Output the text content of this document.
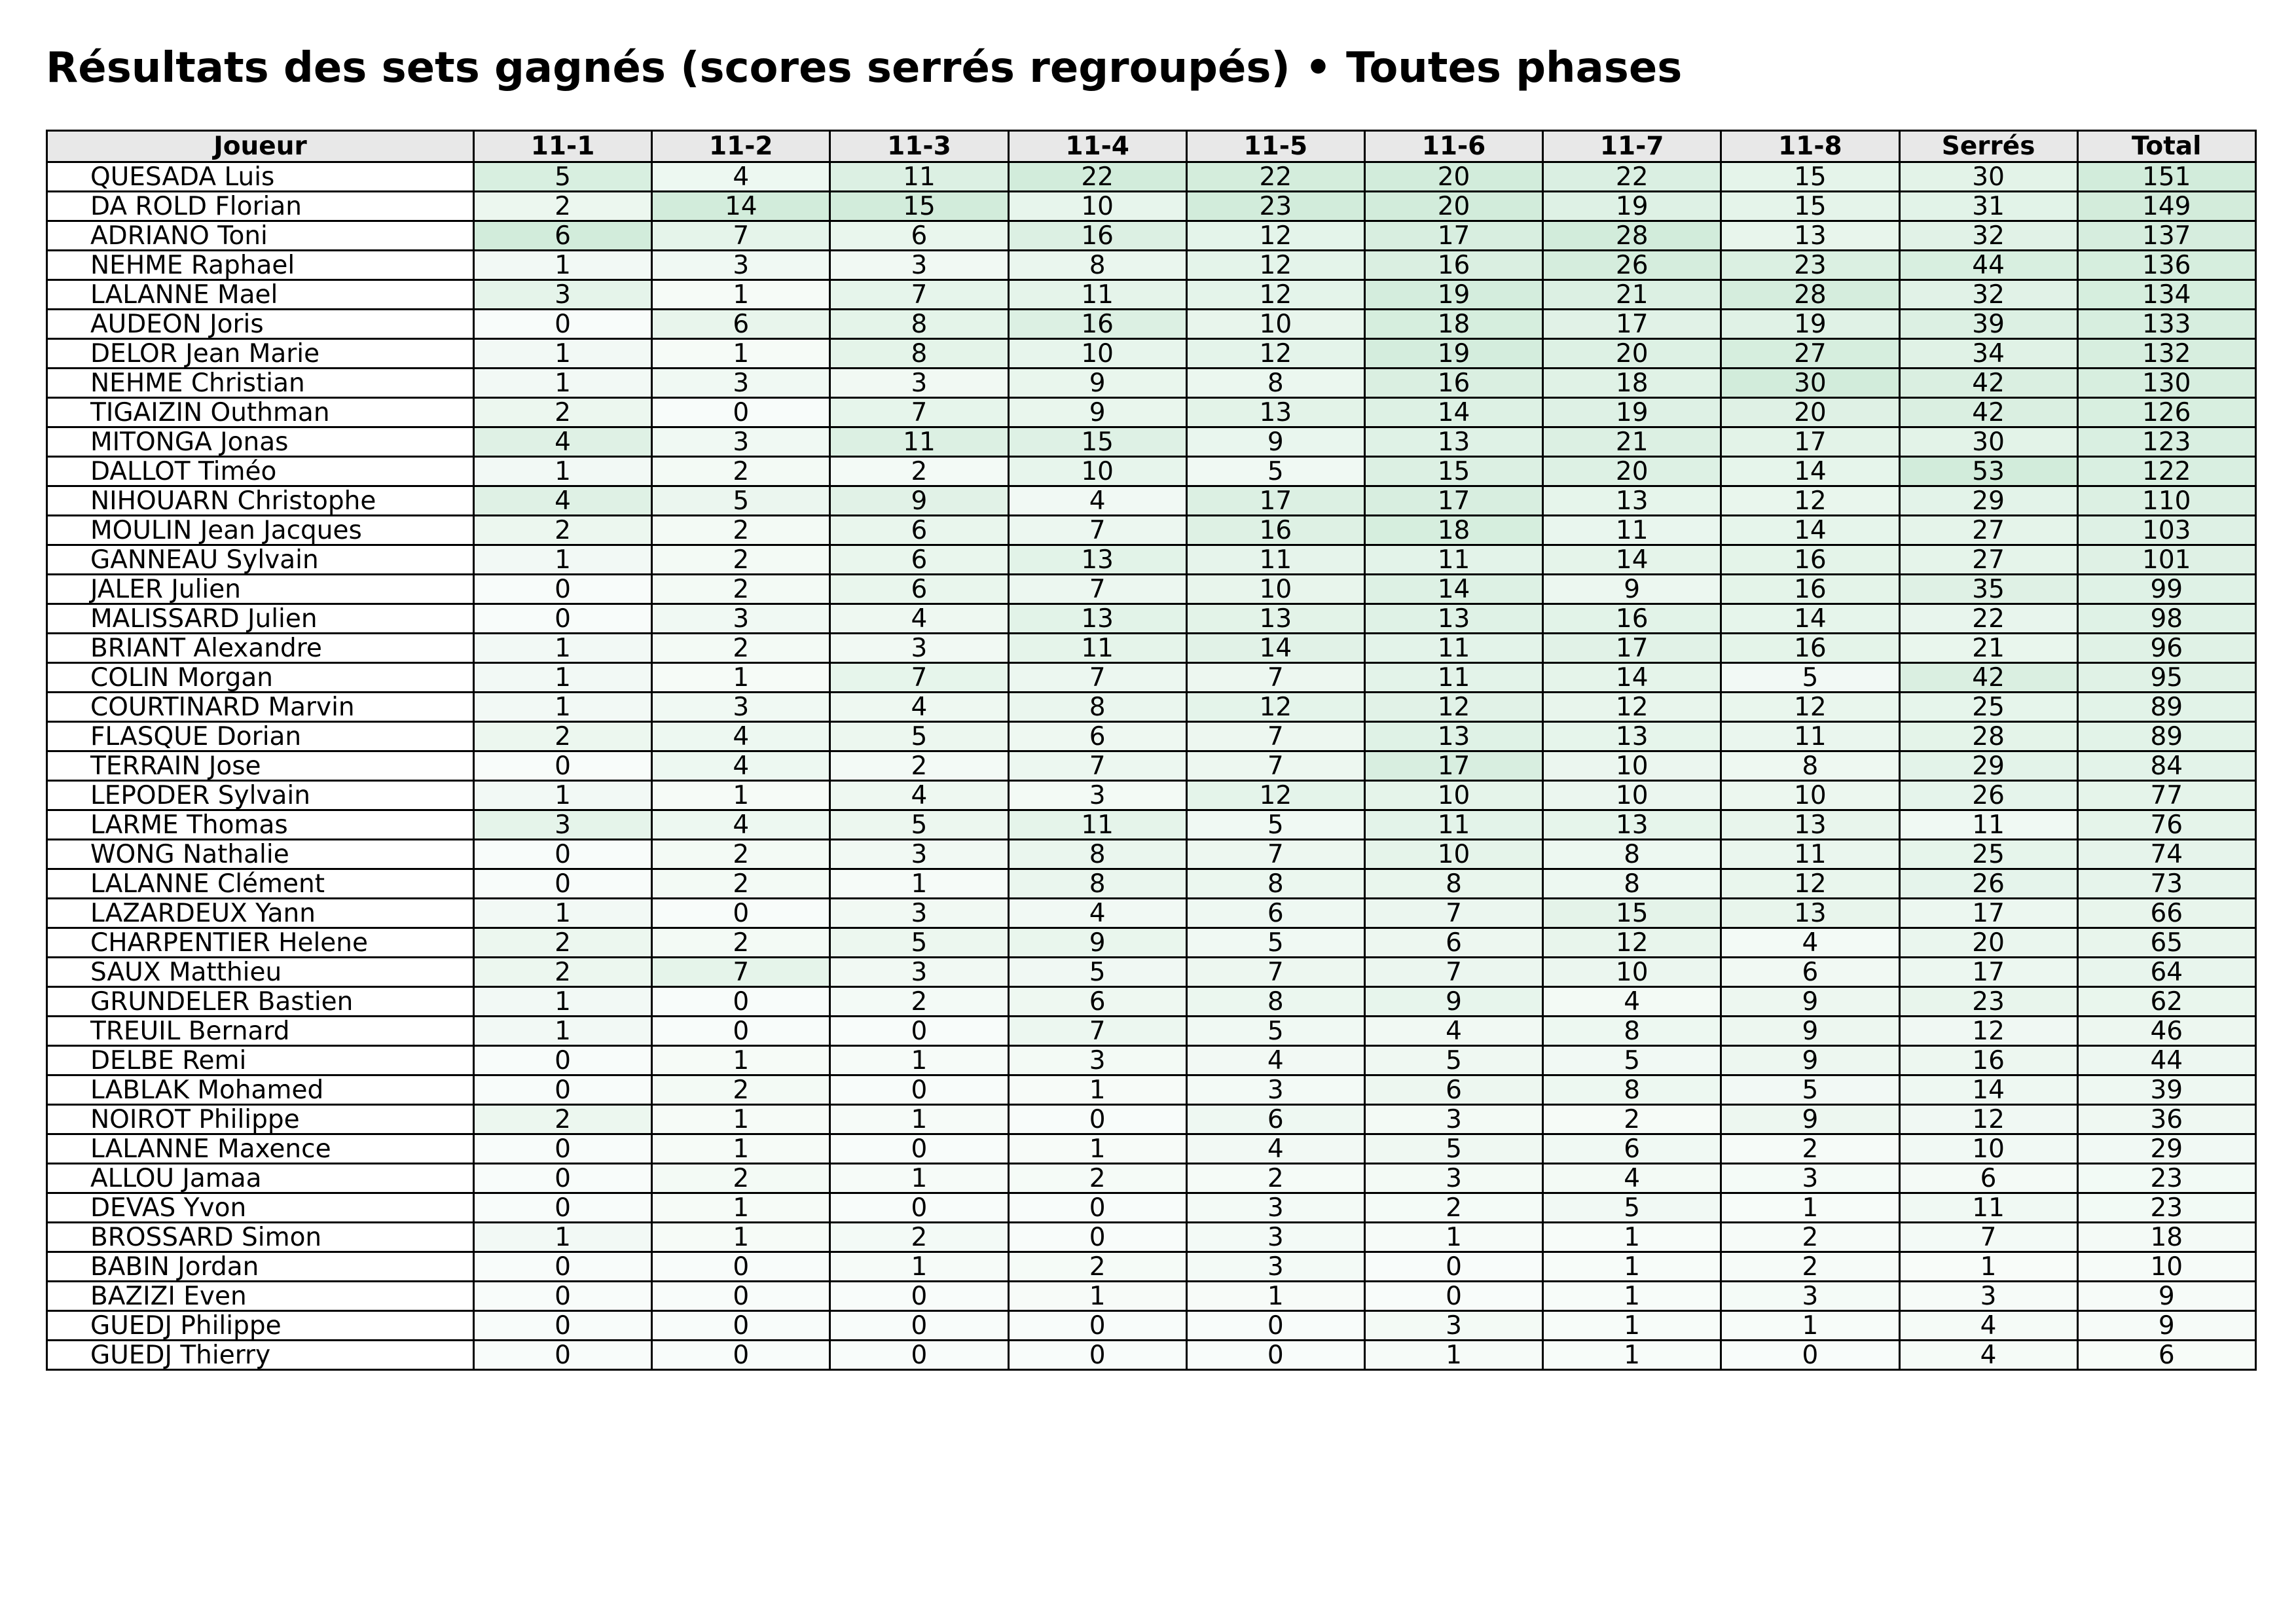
Résultats des sets gagnés (scores serrés regroupés) • Toutes phases
Joueur	11-1	11-2	11-3	11-4	11-5	11-6	11-7	11-8	Serrés	Total
QUESADA Luis	5	4	11	22	22	20	22	15	30	151
DA ROLD Florian	2	14	15	10	23	20	19	15	31	149
ADRIANO Toni	6	7	6	16	12	17	28	13	32	137
NEHME Raphael	1	3	3	8	12	16	26	23	44	136
LALANNE Mael	3	1	7	11	12	19	21	28	32	134
AUDEON Joris	0	6	8	16	10	18	17	19	39	133
DELOR Jean Marie	1	1	8	10	12	19	20	27	34	132
NEHME Christian	1	3	3	9	8	16	18	30	42	130
TIGAIZIN Outhman	2	0	7	9	13	14	19	20	42	126
MITONGA Jonas	4	3	11	15	9	13	21	17	30	123
DALLOT Timéo	1	2	2	10	5	15	20	14	53	122
NIHOUARN Christophe	4	5	9	4	17	17	13	12	29	110
MOULIN Jean Jacques	2	2	6	7	16	18	11	14	27	103
GANNEAU Sylvain	1	2	6	13	11	11	14	16	27	101
JALER Julien	0	2	6	7	10	14	9	16	35	99
MALISSARD Julien	0	3	4	13	13	13	16	14	22	98
BRIANT Alexandre	1	2	3	11	14	11	17	16	21	96
COLIN Morgan	1	1	7	7	7	11	14	5	42	95
COURTINARD Marvin	1	3	4	8	12	12	12	12	25	89
FLASQUE Dorian	2	4	5	6	7	13	13	11	28	89
TERRAIN Jose	0	4	2	7	7	17	10	8	29	84
LEPODER Sylvain	1	1	4	3	12	10	10	10	26	77
LARME Thomas	3	4	5	11	5	11	13	13	11	76
WONG Nathalie	0	2	3	8	7	10	8	11	25	74
LALANNE Clément	0	2	1	8	8	8	8	12	26	73
LAZARDEUX Yann	1	0	3	4	6	7	15	13	17	66
CHARPENTIER Helene	2	2	5	9	5	6	12	4	20	65
SAUX Matthieu	2	7	3	5	7	7	10	6	17	64
GRUNDELER Bastien	1	0	2	6	8	9	4	9	23	62
TREUIL Bernard	1	0	0	7	5	4	8	9	12	46
DELBE Remi	0	1	1	3	4	5	5	9	16	44
LABLAK Mohamed	0	2	0	1	3	6	8	5	14	39
NOIROT Philippe	2	1	1	0	6	3	2	9	12	36
LALANNE Maxence	0	1	0	1	4	5	6	2	10	29
ALLOU Jamaa	0	2	1	2	2	3	4	3	6	23
DEVAS Yvon	0	1	0	0	3	2	5	1	11	23
BROSSARD Simon	1	1	2	0	3	1	1	2	7	18
BABIN Jordan	0	0	1	2	3	0	1	2	1	10
BAZIZI Even	0	0	0	1	1	0	1	3	3	9
GUEDJ Philippe	0	0	0	0	0	3	1	1	4	9
GUEDJ Thierry	0	0	0	0	0	1	1	0	4	6
